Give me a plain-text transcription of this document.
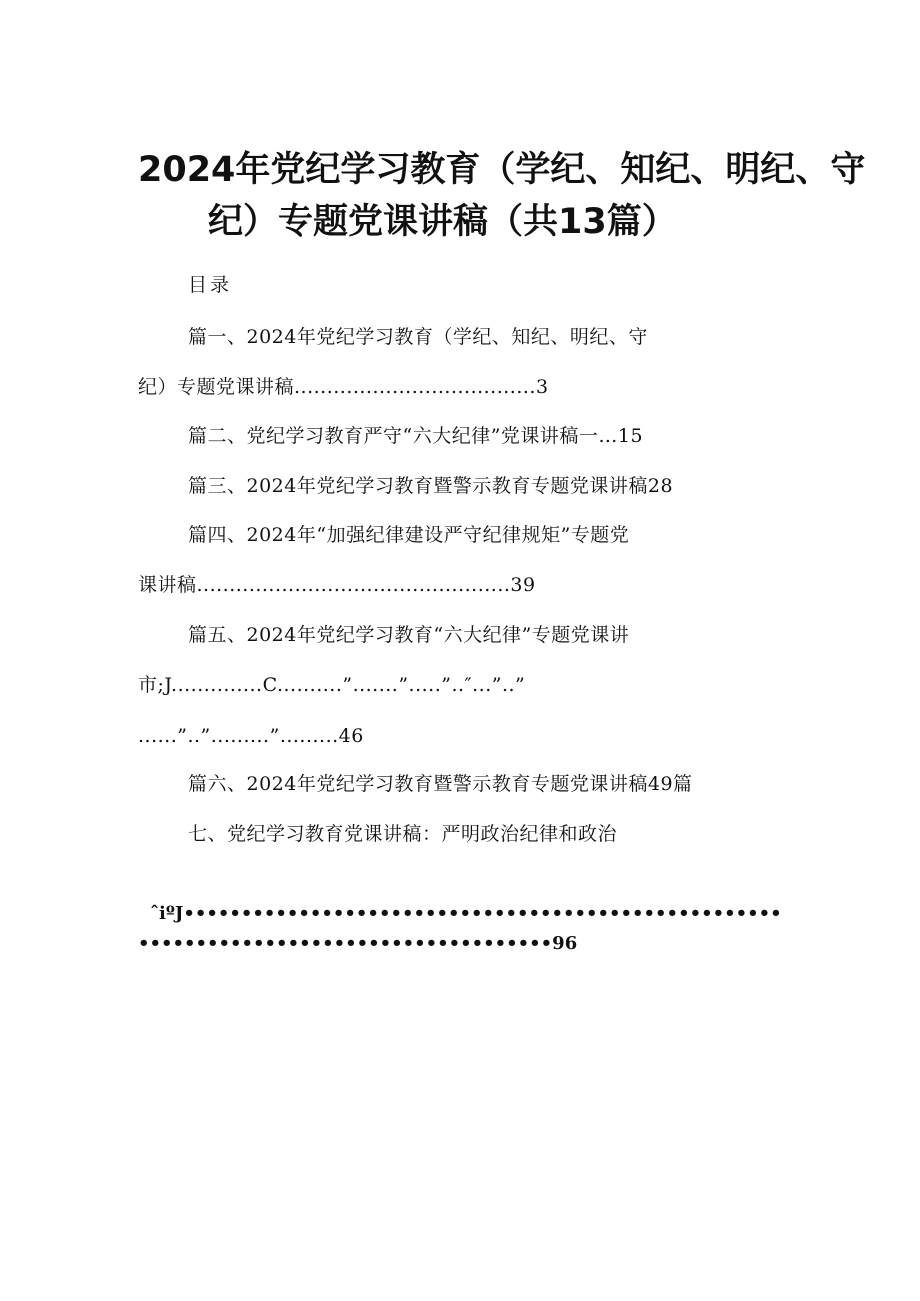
2024年党纪学习教育（学纪、知纪、明纪、守
纪）专题党课讲稿（共13篇）
目录
篇一、2024年党纪学习教育（学纪、知纪、明纪、守
纪）专题党课讲稿.....................................3
篇二、党纪学习教育严守“六大纪律”党课讲稿一…15
篇三、2024年党纪学习教育暨警示教育专题党课讲稿28
篇四、2024年“加强纪律建设严守纪律规矩”专题党
课讲稿................................................39
篇五、2024年党纪学习教育“六大纪律”专题党课讲
市;J..............C..........”.......”.....”..″...”..”
......”..”.........”.........46
篇六、2024年党纪学习教育暨警示教育专题党课讲稿49篇
七、党纪学习教育党课讲稿：严明政治纪律和政治
ˆiºJ••••••••••••••••••••••••••••••••••••••••••••••••••••
••••••••••••••••••••••••••••••••••••96
